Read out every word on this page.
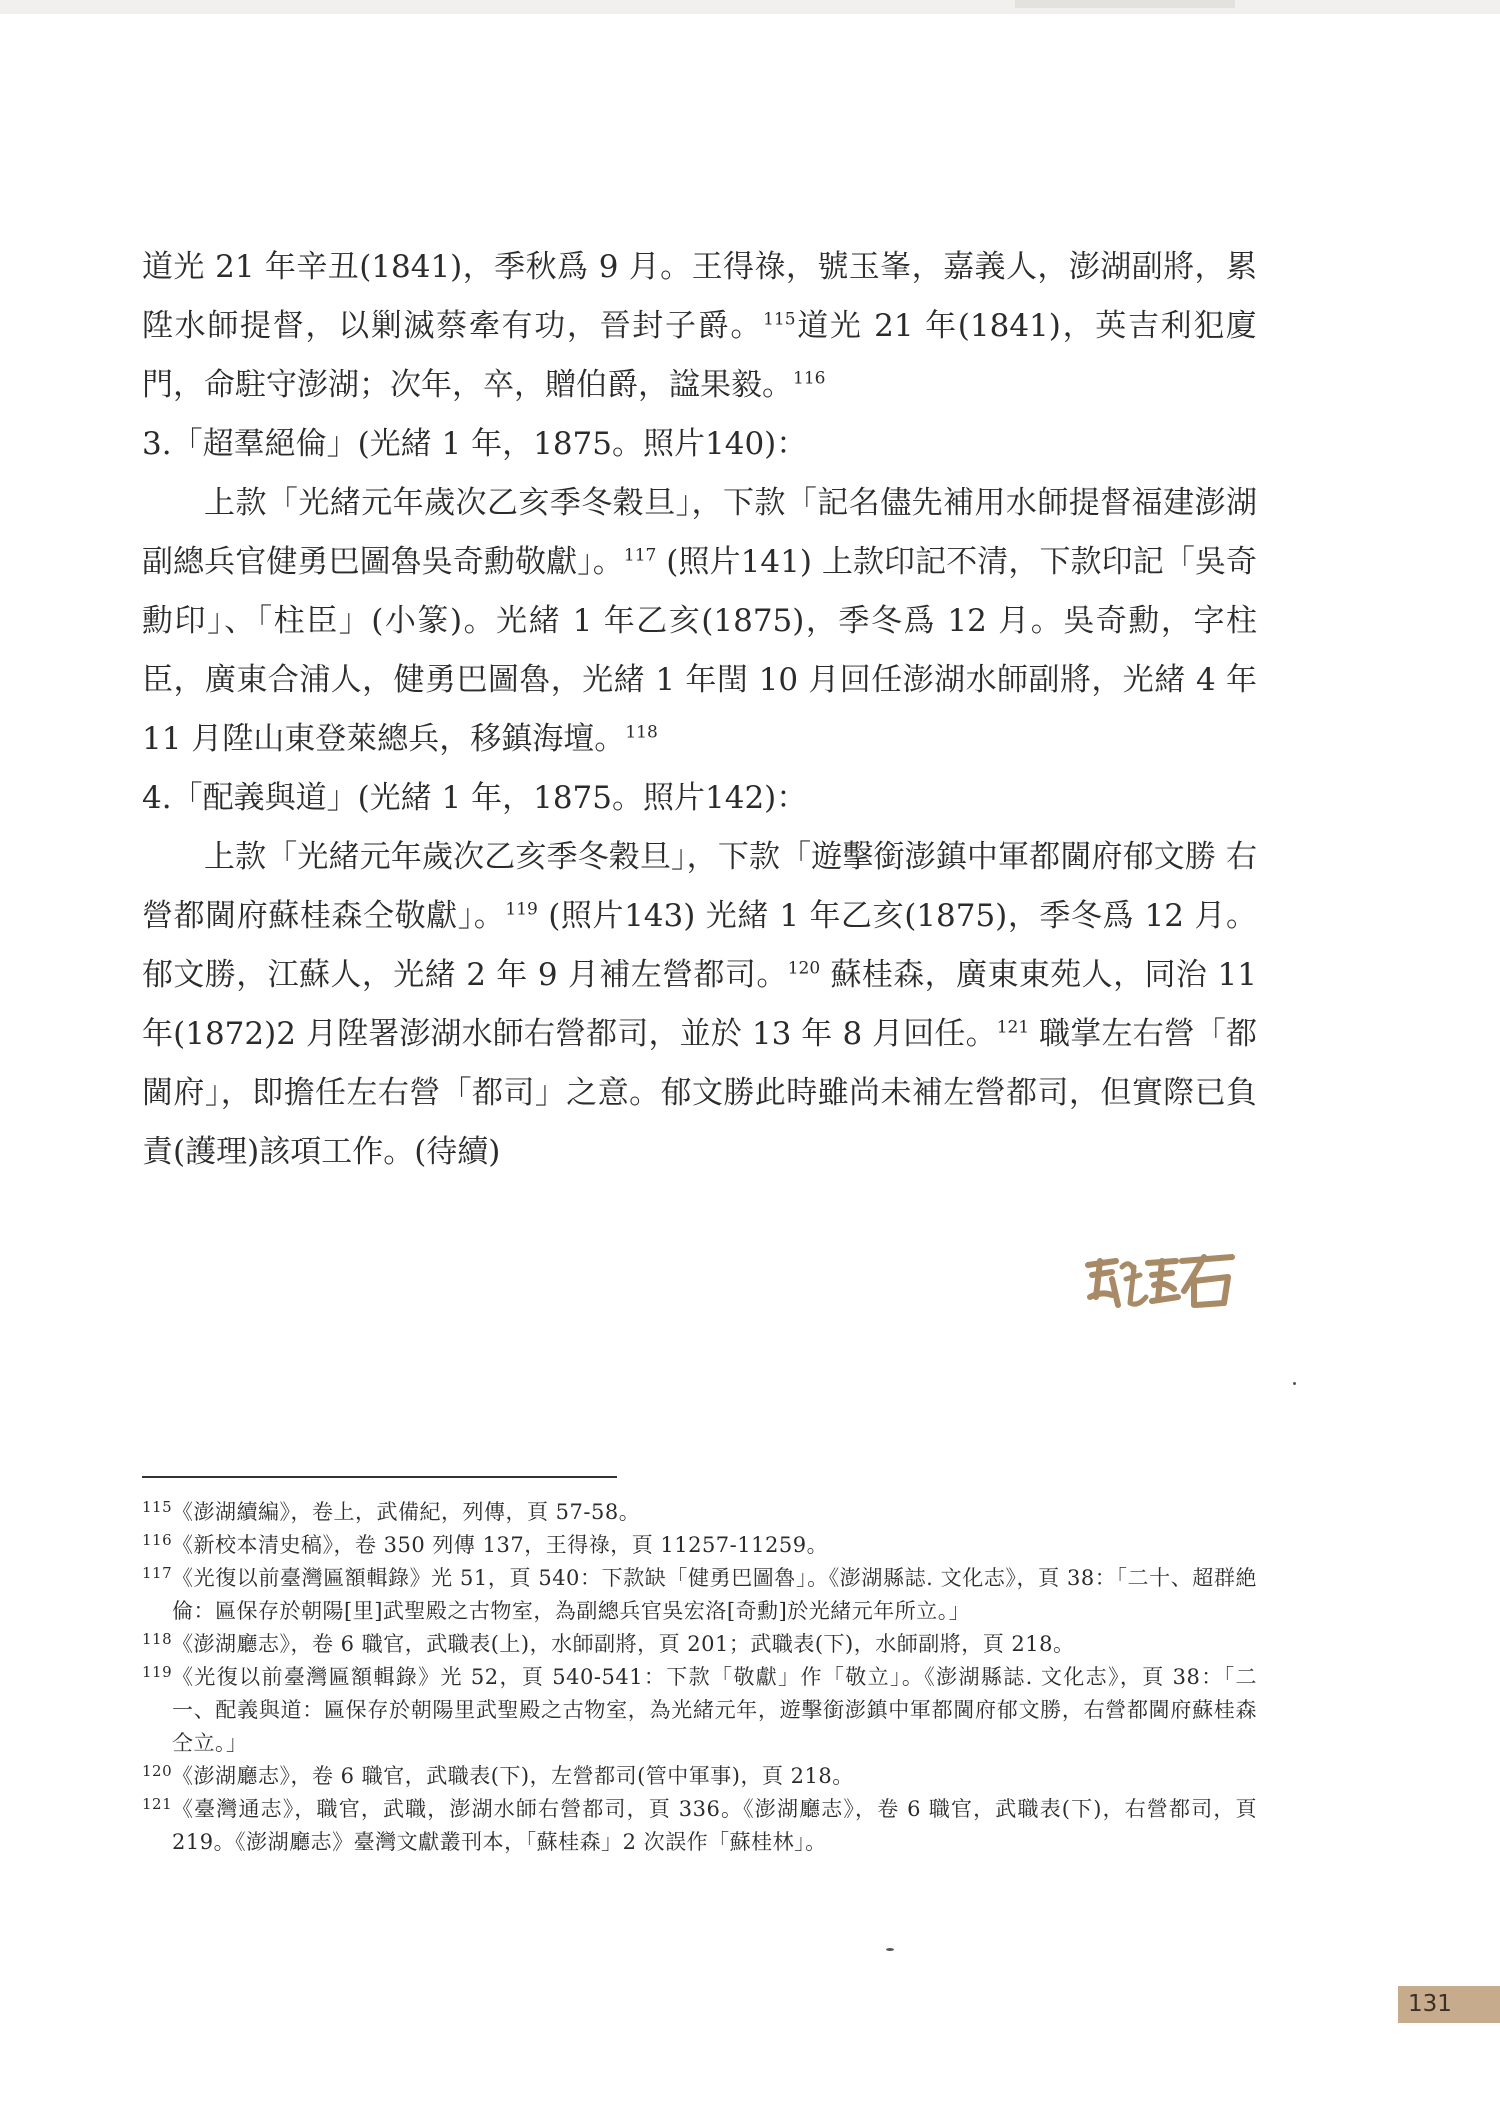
道光 21 年辛丑(1841)，季秋爲 9 月。王得祿，號玉峯，嘉義人，澎湖副將，累陞水師提督，以剿滅蔡牽有功，晉封子爵。$^{115}$道光 21 年(1841)，英吉利犯廈門，命駐守澎湖；次年，卒，贈伯爵，諡果毅。$^{116}$

3.「超羣絕倫」(光緒 1 年，1875。照片140)：

上款「光緒元年歲次乙亥季冬穀旦」，下款「記名儘先補用水師提督福建澎湖副總兵官健勇巴圖魯吳奇勳敬獻」。$^{117}$ (照片141) 上款印記不清，下款印記「吳奇勳印」、「柱臣」(小篆)。光緒 1 年乙亥(1875)，季冬爲 12 月。吳奇勳，字柱臣，廣東合浦人，健勇巴圖魯，光緒 1 年閏 10 月回任澎湖水師副將，光緒 4 年 11 月陞山東登萊總兵，移鎮海壇。$^{118}$

4.「配義與道」(光緒 1 年，1875。照片142)：

上款「光緒元年歲次乙亥季冬穀旦」，下款「遊擊銜澎鎮中軍都閫府郁文勝 右營都閫府蘇桂森仝敬獻」。$^{119}$ (照片143) 光緒 1 年乙亥(1875)，季冬爲 12 月。郁文勝，江蘇人，光緒 2 年 9 月補左營都司。$^{120}$ 蘇桂森，廣東東苑人，同治 11 年(1872)2 月陞署澎湖水師右營都司，並於 13 年 8 月回任。$^{121}$ 職掌左右營「都閫府」，即擔任左右營「都司」之意。郁文勝此時雖尚未補左營都司，但實際已負責(護理)該項工作。(待續)

115 《澎湖續編》，卷上，武備紀，列傳，頁 57-58。

116 《新校本清史稿》，卷 350 列傳 137，王得祿，頁 11257-11259。

117 《光復以前臺灣匾額輯錄》光 51，頁 540：下款缺「健勇巴圖魯」。《澎湖縣誌. 文化志》，頁 38：「二十、超群絶倫：匾保存於朝陽[里]武聖殿之古物室，為副總兵官吳宏洛[奇勳]於光緒元年所立。」

118 《澎湖廳志》，卷 6 職官，武職表(上)，水師副將，頁 201；武職表(下)，水師副將，頁 218。

119 《光復以前臺灣匾額輯錄》光 52，頁 540-541：下款「敬獻」作「敬立」。《澎湖縣誌. 文化志》，頁 38：「二一、配義與道：匾保存於朝陽里武聖殿之古物室，為光緒元年，遊擊銜澎鎮中軍都閫府郁文勝，右營都閫府蘇桂森仝立。」

120 《澎湖廳志》，卷 6 職官，武職表(下)，左營都司(管中軍事)，頁 218。

121 《臺灣通志》，職官，武職，澎湖水師右營都司，頁 336。《澎湖廳志》，卷 6 職官，武職表(下)，右營都司，頁 219。《澎湖廳志》臺灣文獻叢刊本，「蘇桂森」2 次誤作「蘇桂林」。

131
